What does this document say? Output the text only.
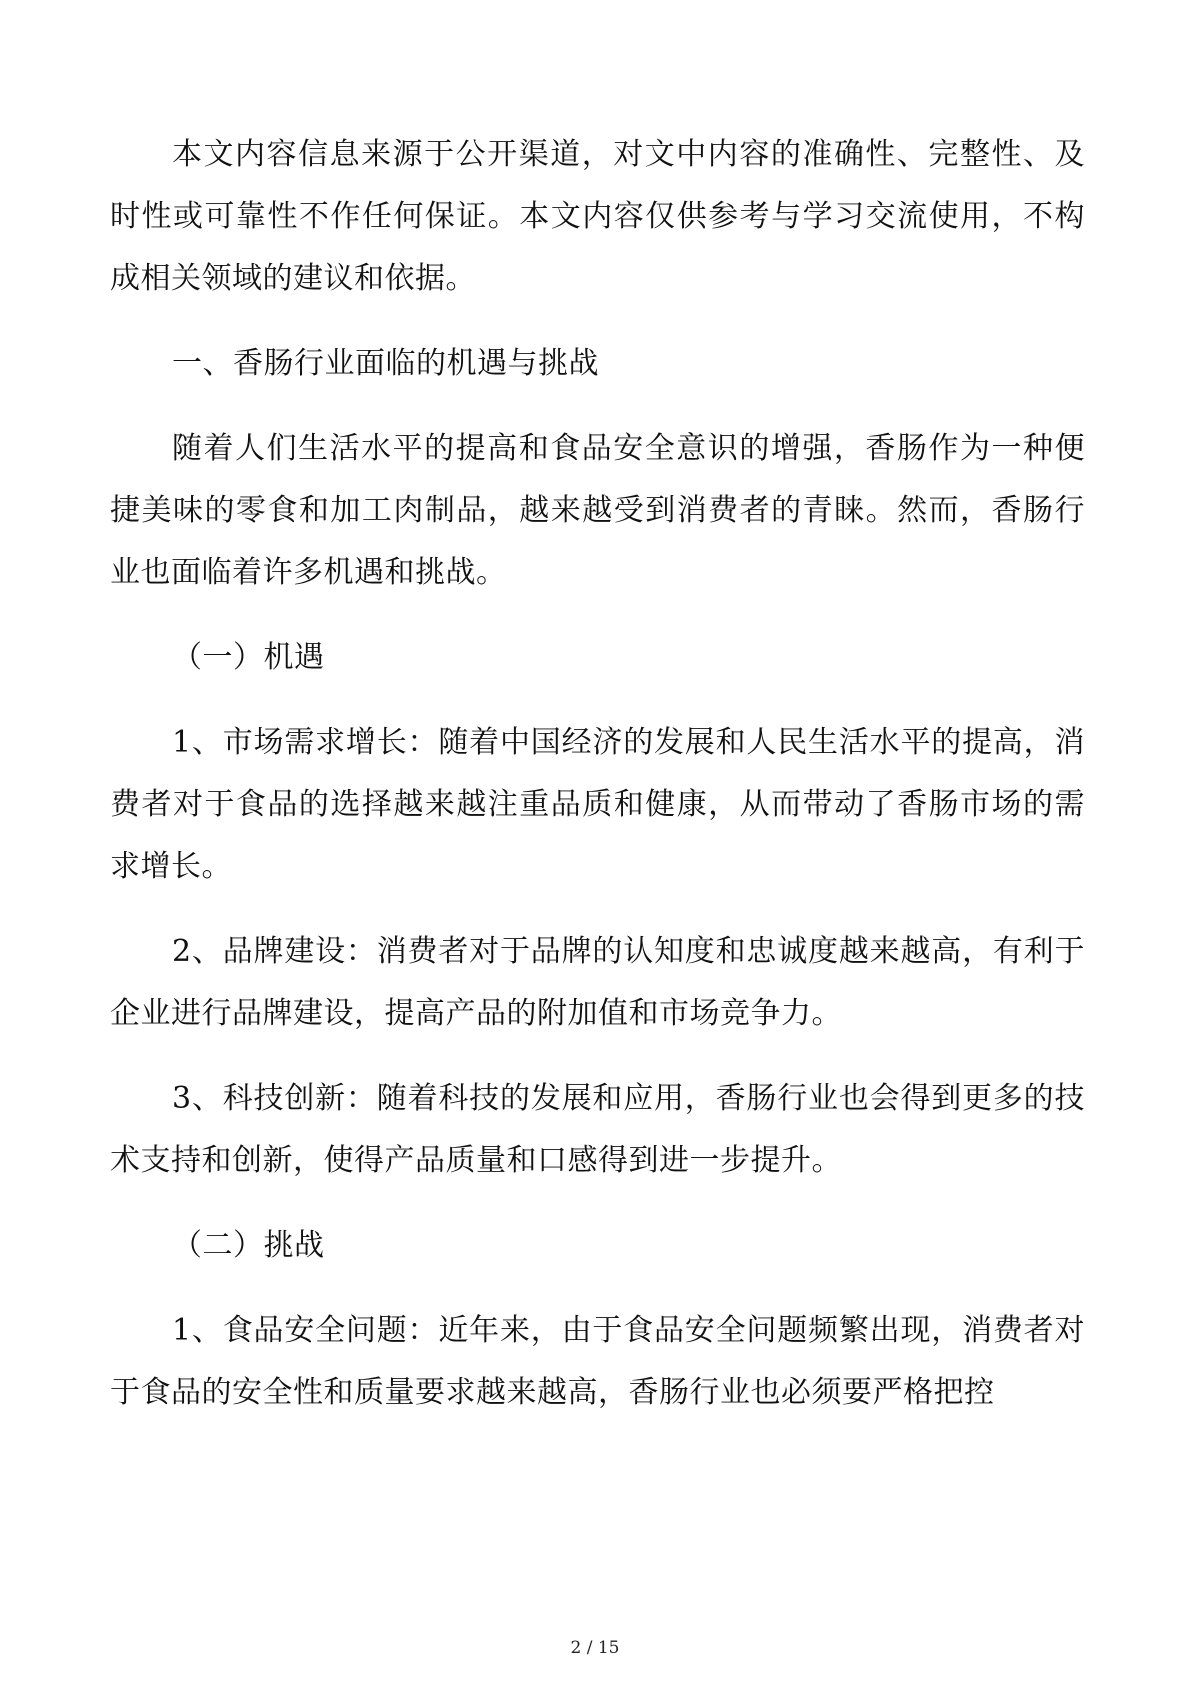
本文内容信息来源于公开渠道，对文中内容的准确性、完整性、及时性或可靠性不作任何保证。本文内容仅供参考与学习交流使用，不构成相关领域的建议和依据。

一、香肠行业面临的机遇与挑战

随着人们生活水平的提高和食品安全意识的增强，香肠作为一种便捷美味的零食和加工肉制品，越来越受到消费者的青睐。然而，香肠行业也面临着许多机遇和挑战。

（一）机遇

1、市场需求增长：随着中国经济的发展和人民生活水平的提高，消费者对于食品的选择越来越注重品质和健康，从而带动了香肠市场的需求增长。

2、品牌建设：消费者对于品牌的认知度和忠诚度越来越高，有利于企业进行品牌建设，提高产品的附加值和市场竞争力。

3、科技创新：随着科技的发展和应用，香肠行业也会得到更多的技术支持和创新，使得产品质量和口感得到进一步提升。

（二）挑战

1、食品安全问题：近年来，由于食品安全问题频繁出现，消费者对于食品的安全性和质量要求越来越高，香肠行业也必须要严格把控

2 / 15
